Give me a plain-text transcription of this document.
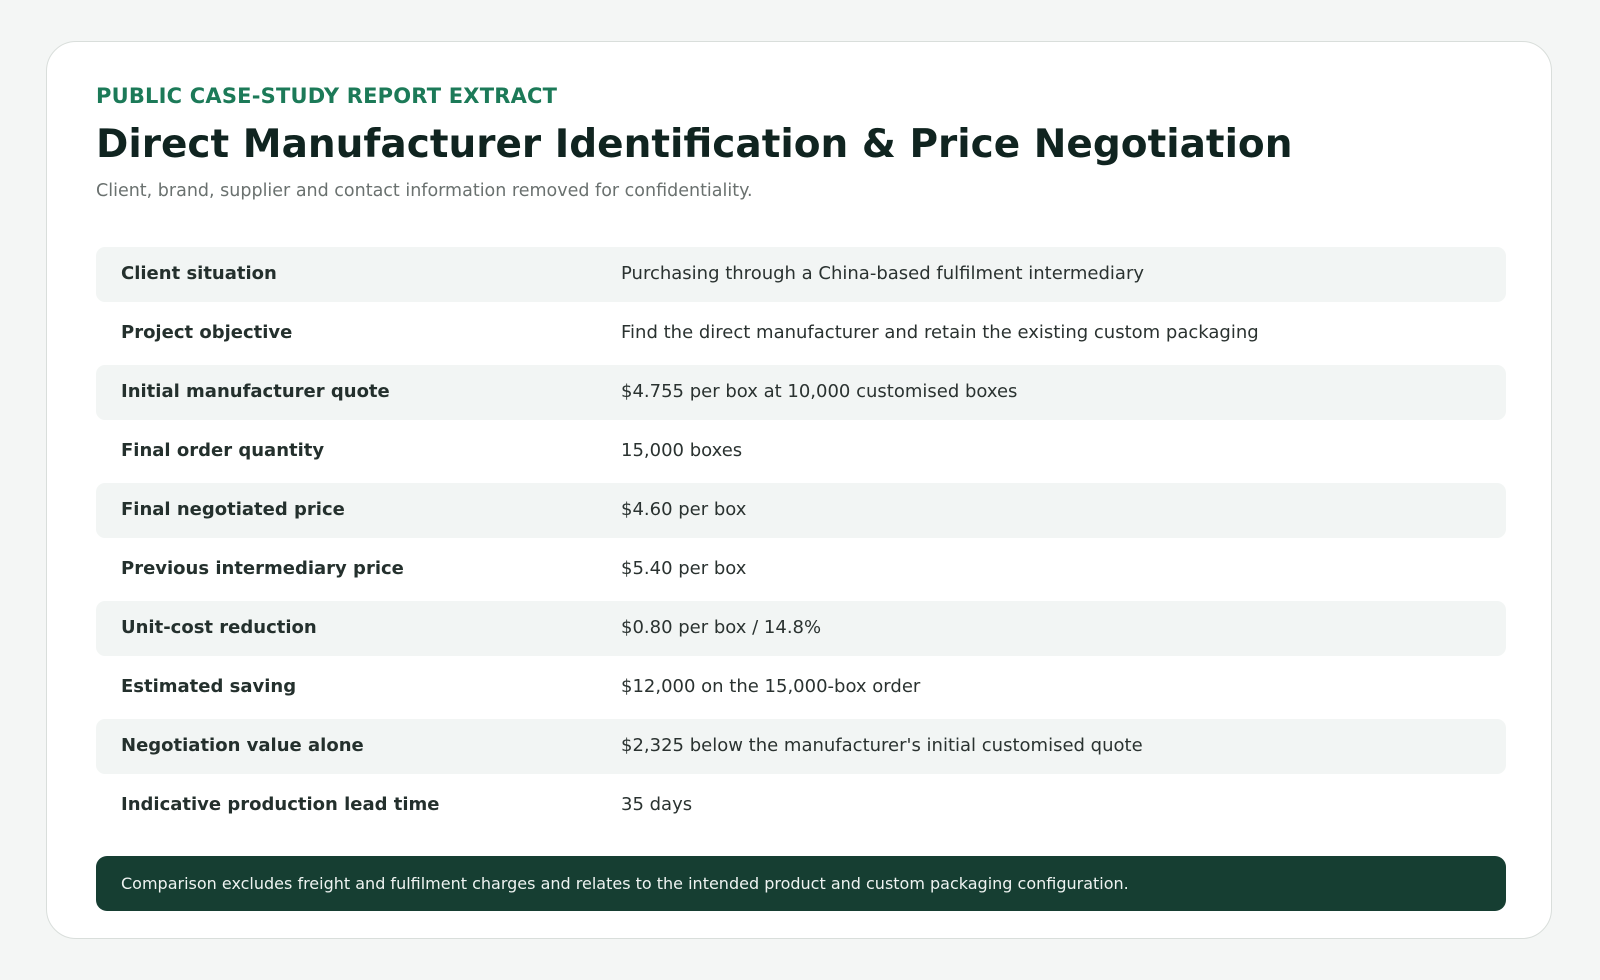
PUBLIC CASE-STUDY REPORT EXTRACT
Direct Manufacturer Identification & Price Negotiation
Client, brand, supplier and contact information removed for confidentiality.
Client situation	Purchasing through a China-based fulfilment intermediary
Project objective	Find the direct manufacturer and retain the existing custom packaging
Initial manufacturer quote	$4.755 per box at 10,000 customised boxes
Final order quantity	15,000 boxes
Final negotiated price	$4.60 per box
Previous intermediary price	$5.40 per box
Unit-cost reduction	$0.80 per box / 14.8%
Estimated saving	$12,000 on the 15,000-box order
Negotiation value alone	$2,325 below the manufacturer's initial customised quote
Indicative production lead time	35 days
Comparison excludes freight and fulfilment charges and relates to the intended product and custom packaging configuration.
